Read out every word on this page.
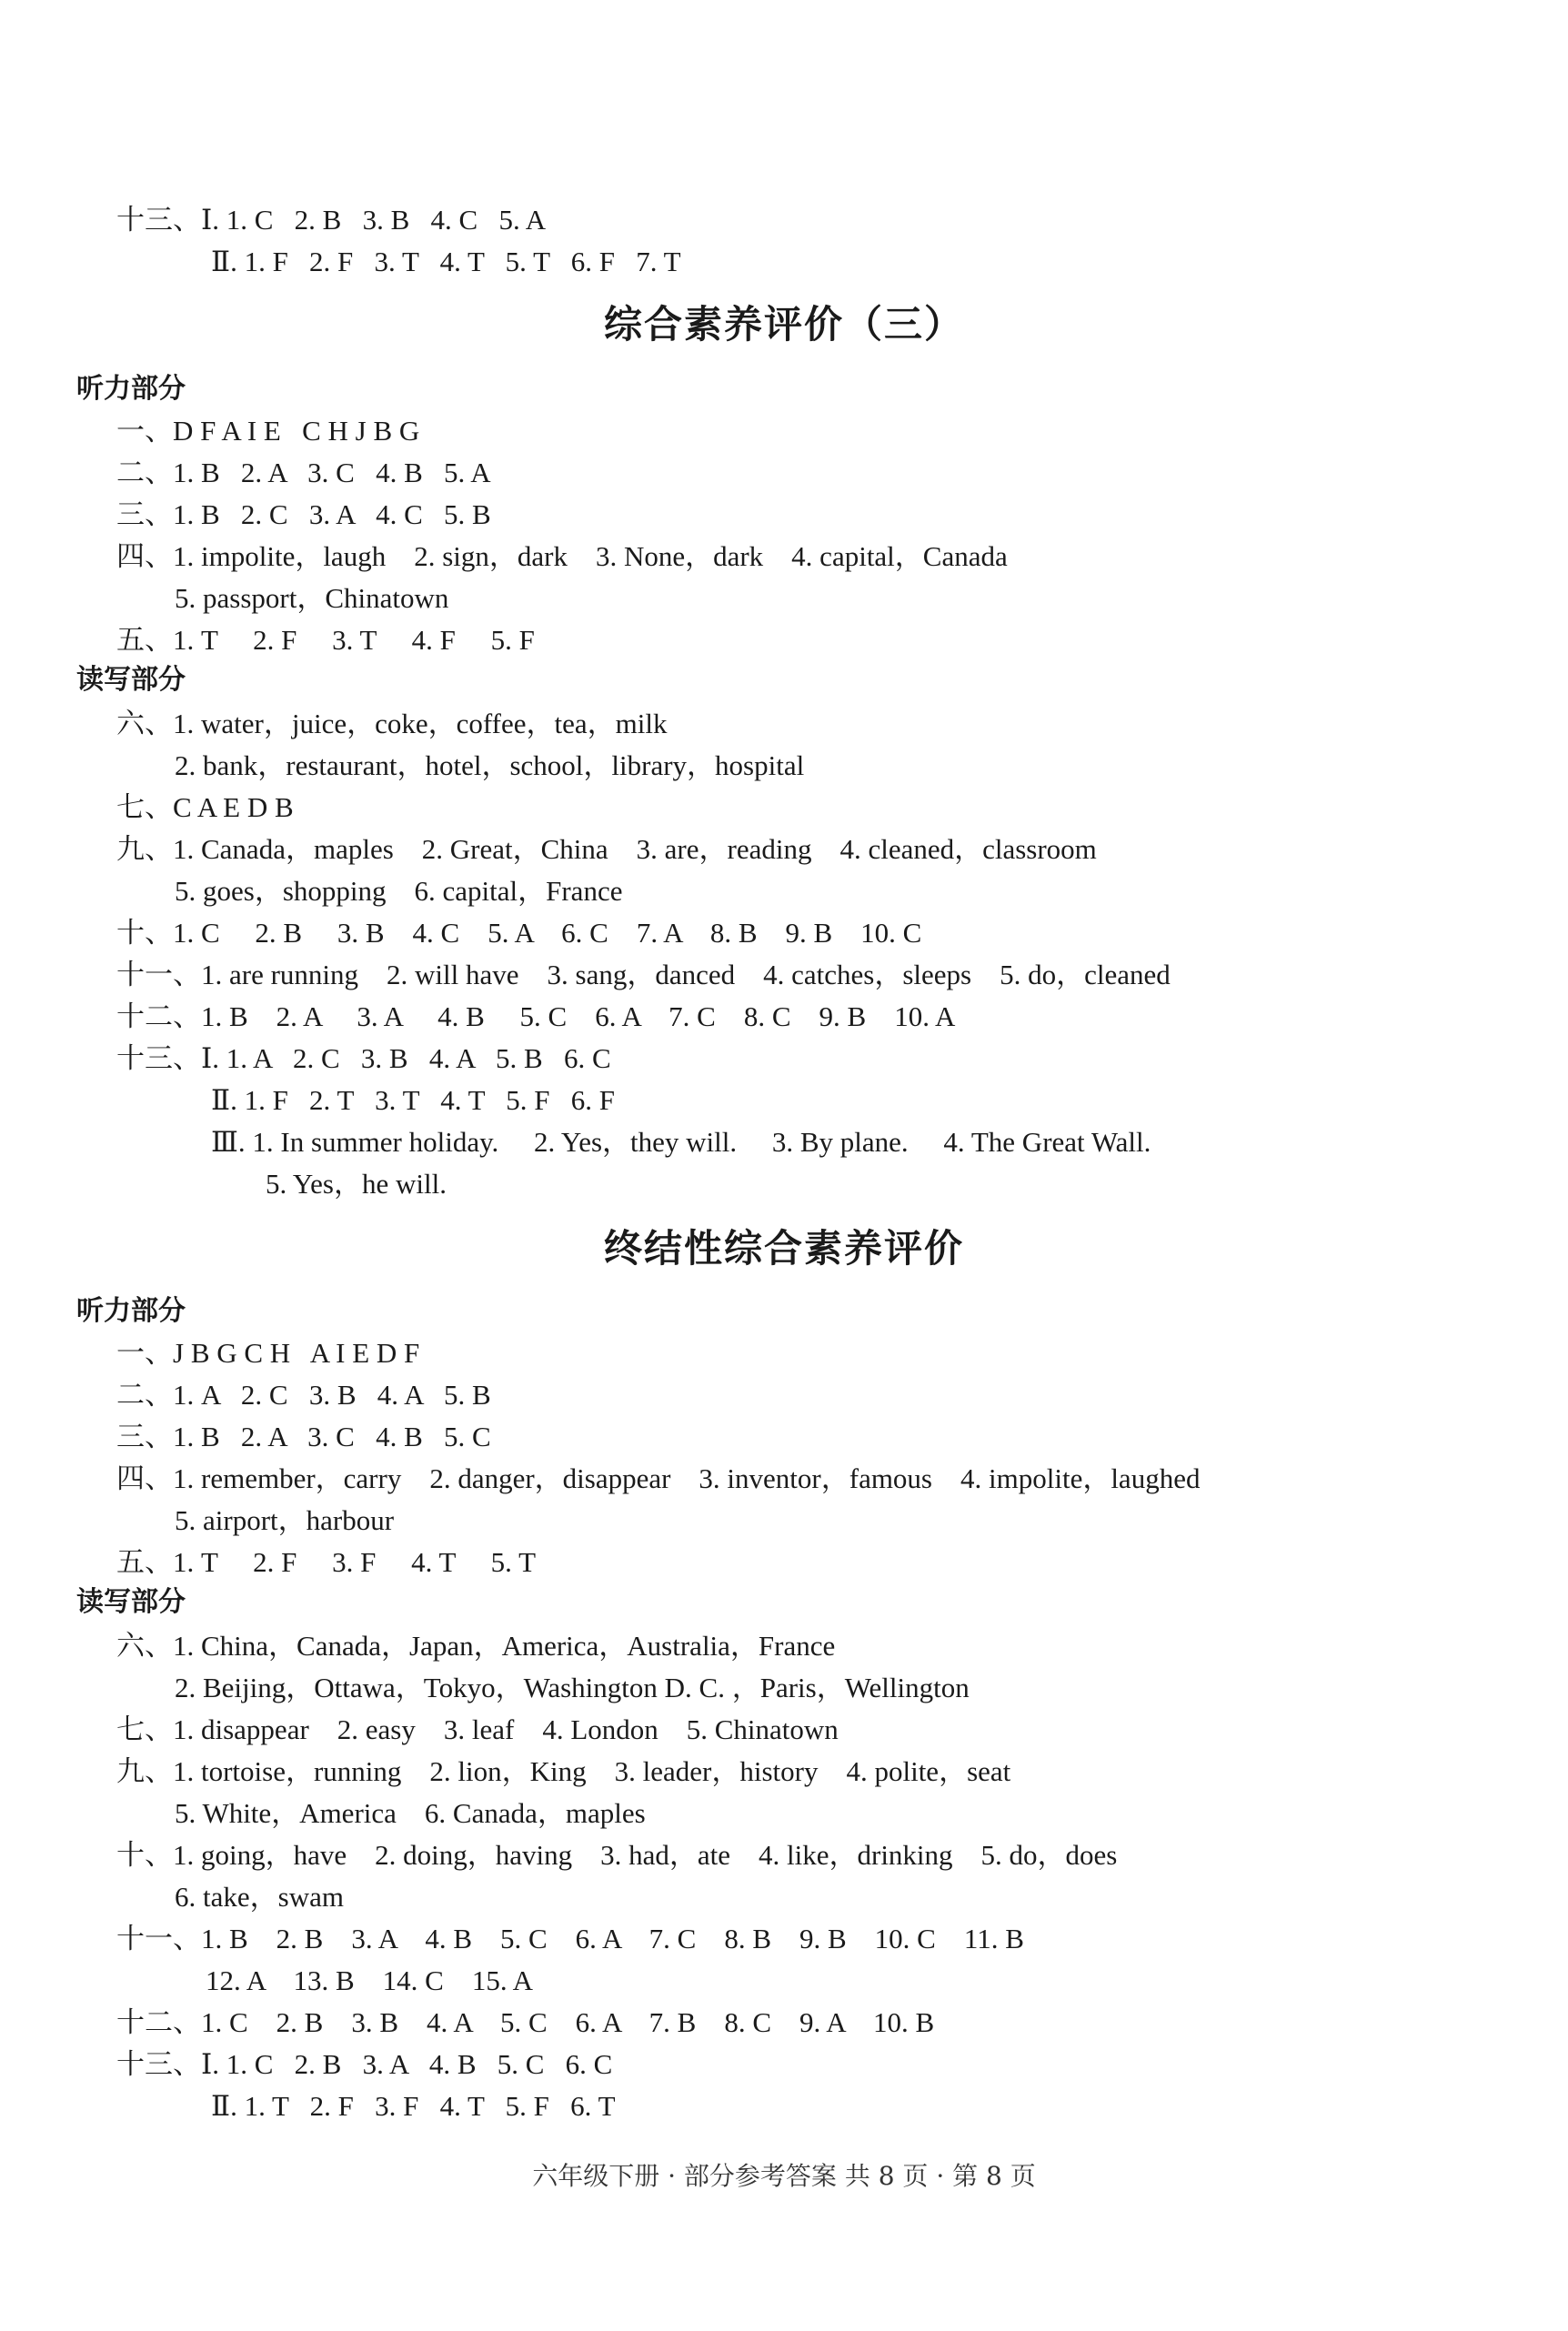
十三、Ⅰ. 1. C   2. B   3. B   4. C   5. A
Ⅱ. 1. F   2. F   3. T   4. T   5. T   6. F   7. T
综合素养评价（三）
听力部分
一、D F A I E   C H J B G
二、1. B   2. A   3. C   4. B   5. A
三、1. B   2. C   3. A   4. C   5. B
四、1. impolite，laugh    2. sign，dark    3. None，dark    4. capital，Canada
5. passport，Chinatown
五、1. T     2. F     3. T     4. F     5. F
读写部分
六、1. water，juice，coke，coffee，tea，milk
2. bank，restaurant，hotel，school，library，hospital
七、C A E D B
九、1. Canada，maples    2. Great，China    3. are，reading    4. cleaned，classroom
5. goes，shopping    6. capital，France
十、1. C     2. B     3. B    4. C    5. A    6. C    7. A    8. B    9. B    10. C
十一、1. are running    2. will have    3. sang，danced    4. catches，sleeps    5. do，cleaned
十二、1. B    2. A     3. A     4. B     5. C    6. A    7. C    8. C    9. B    10. A
十三、Ⅰ. 1. A   2. C   3. B   4. A   5. B   6. C
Ⅱ. 1. F   2. T   3. T   4. T   5. F   6. F
Ⅲ. 1. In summer holiday.     2. Yes，they will.     3. By plane.     4. The Great Wall.
5. Yes，he will.
终结性综合素养评价
听力部分
一、J B G C H   A I E D F
二、1. A   2. C   3. B   4. A   5. B
三、1. B   2. A   3. C   4. B   5. C
四、1. remember，carry    2. danger，disappear    3. inventor，famous    4. impolite，laughed
5. airport，harbour
五、1. T     2. F     3. F     4. T     5. T
读写部分
六、1. China，Canada，Japan，America，Australia，France
2. Beijing，Ottawa，Tokyo，Washington D. C. ，Paris，Wellington
七、1. disappear    2. easy    3. leaf    4. London    5. Chinatown
九、1. tortoise，running    2. lion，King    3. leader，history    4. polite，seat
5. White，America    6. Canada，maples
十、1. going，have    2. doing，having    3. had，ate    4. like，drinking    5. do，does
6. take，swam
十一、1. B    2. B    3. A    4. B    5. C    6. A    7. C    8. B    9. B    10. C    11. B
12. A    13. B    14. C    15. A
十二、1. C    2. B    3. B    4. A    5. C    6. A    7. B    8. C    9. A    10. B
十三、Ⅰ. 1. C   2. B   3. A   4. B   5. C   6. C
Ⅱ. 1. T   2. F   3. F   4. T   5. F   6. T
六年级下册 · 部分参考答案 共 8 页 · 第 8 页
